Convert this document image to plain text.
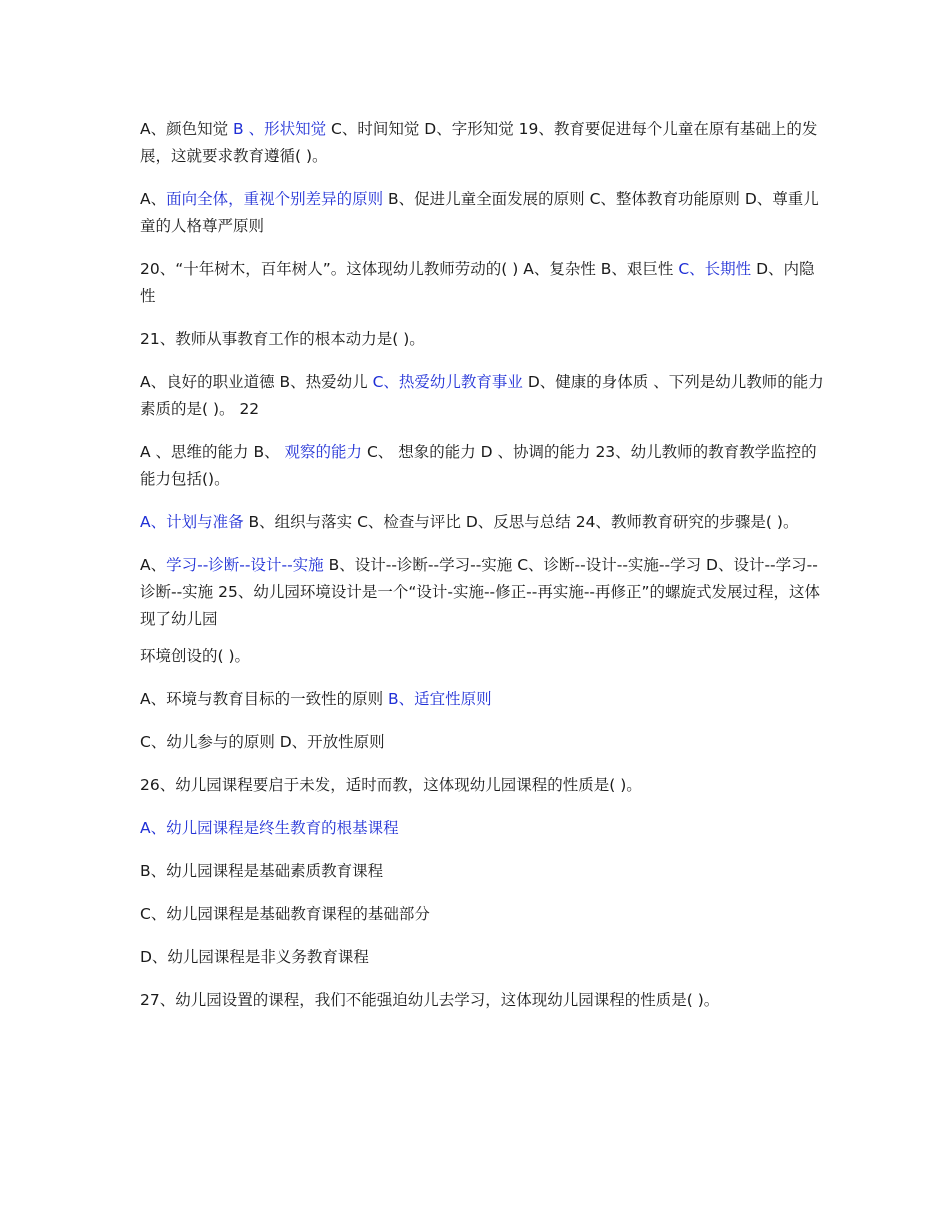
A、颜色知觉 B 、形状知觉 C、时间知觉 D、字形知觉 19、教育要促进每个儿童在原有基础上的发展，这就要求教育遵循( )。

A、面向全体，重视个别差异的原则 B、促进儿童全面发展的原则 C、整体教育功能原则 D、尊重儿童的人格尊严原则

20、“十年树木，百年树人”。这体现幼儿教师劳动的( ) A、复杂性 B、艰巨性 C、长期性 D、内隐性

21、教师从事教育工作的根本动力是( )。

A、良好的职业道德 B、热爱幼儿 C、热爱幼儿教育事业 D、健康的身体质 、下列是幼儿教师的能力素质的是( )。 22

A 、思维的能力 B、 观察的能力 C、 想象的能力 D 、协调的能力 23、幼儿教师的教育教学监控的能力包括()。

A、计划与准备 B、组织与落实 C、检查与评比 D、反思与总结 24、教师教育研究的步骤是( )。

A、学习--诊断--设计--实施 B、设计--诊断--学习--实施 C、诊断--设计--实施--学习 D、设计--学习--诊断--实施 25、幼儿园环境设计是一个“设计-实施--修正--再实施--再修正”的螺旋式发展过程，这体现了幼儿园

环境创设的( )。

A、环境与教育目标的一致性的原则 B、适宜性原则

C、幼儿参与的原则 D、开放性原则

26、幼儿园课程要启于未发，适时而教，这体现幼儿园课程的性质是( )。

A、幼儿园课程是终生教育的根基课程

B、幼儿园课程是基础素质教育课程

C、幼儿园课程是基础教育课程的基础部分

D、幼儿园课程是非义务教育课程

27、幼儿园设置的课程，我们不能强迫幼儿去学习，这体现幼儿园课程的性质是( )。
